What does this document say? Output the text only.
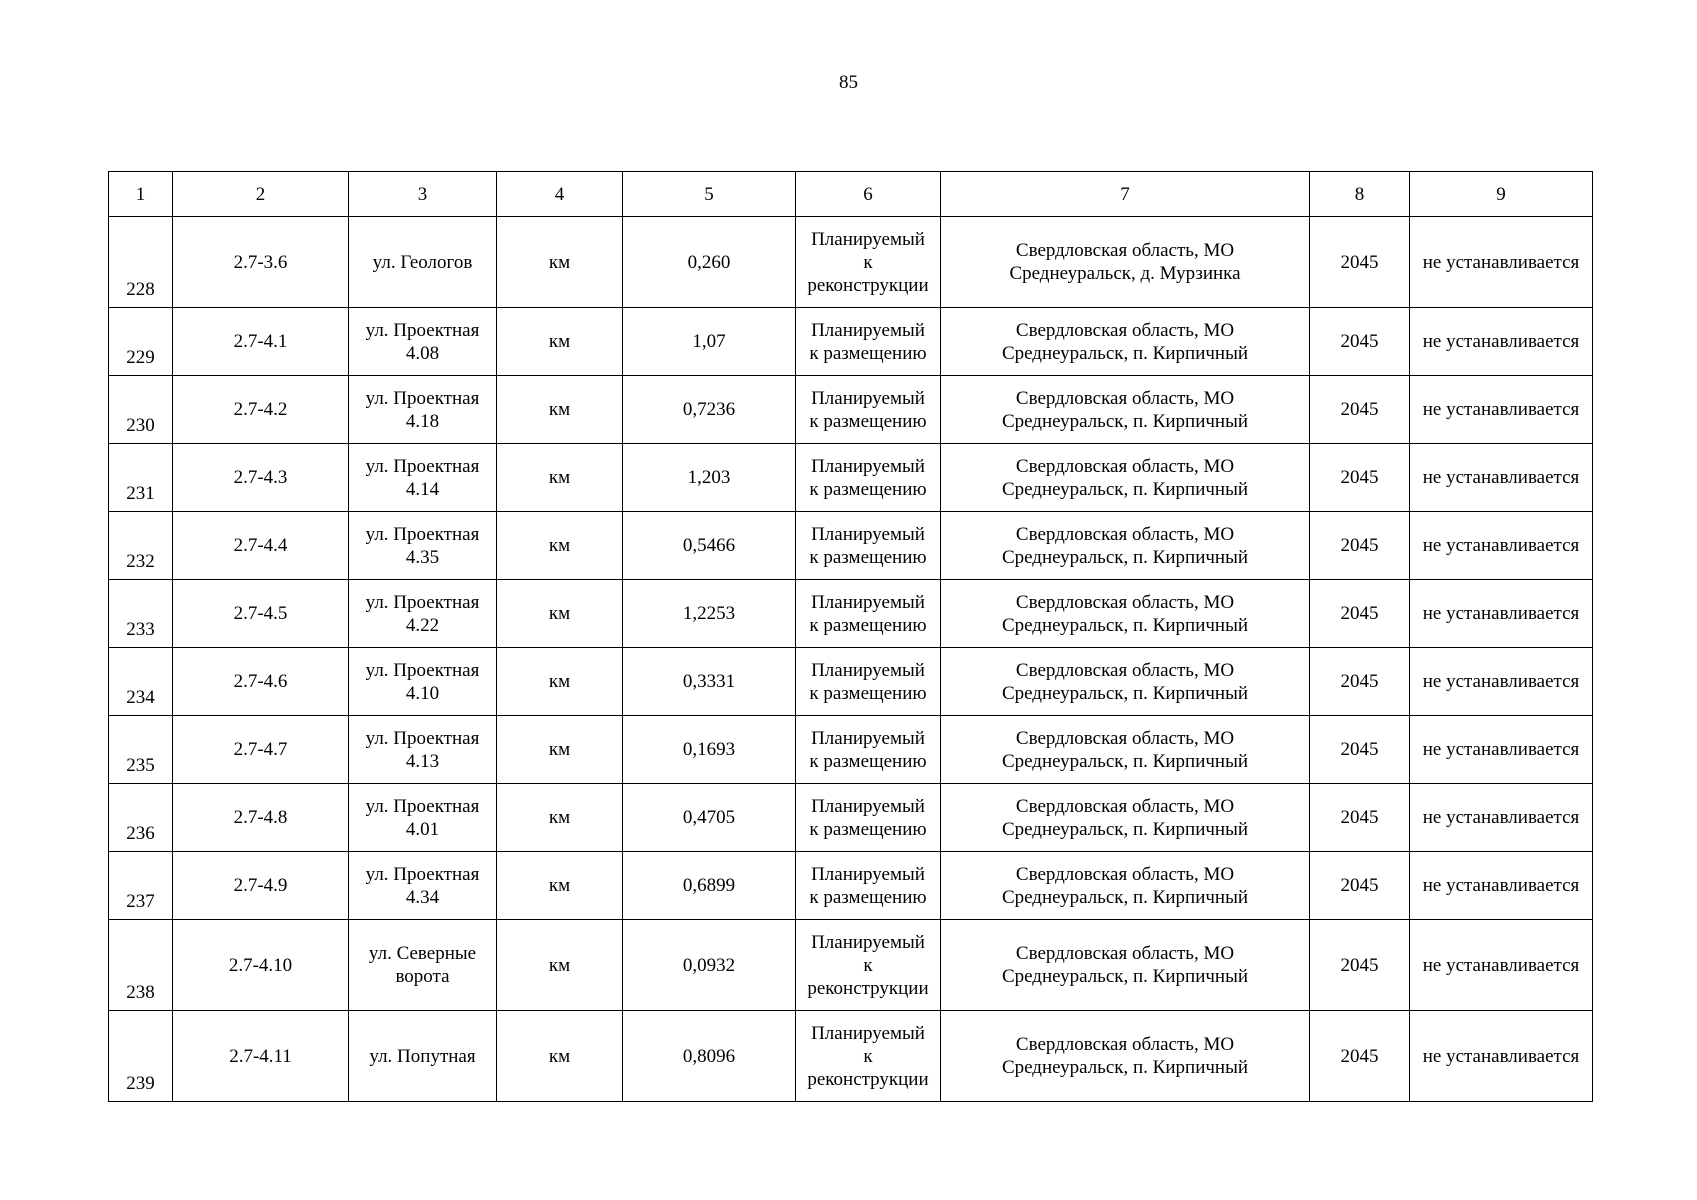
85
1	2	3	4	5	6	7	8	9
228	2.7-3.6	ул. Геологов	км	0,260	Планируемый
к
реконструкции	Свердловская область, МО
Среднеуральск, д. Мурзинка	2045	не устанавливается
229	2.7-4.1	ул. Проектная
4.08	км	1,07	Планируемый
к размещению	Свердловская область, МО
Среднеуральск, п. Кирпичный	2045	не устанавливается
230	2.7-4.2	ул. Проектная
4.18	км	0,7236	Планируемый
к размещению	Свердловская область, МО
Среднеуральск, п. Кирпичный	2045	не устанавливается
231	2.7-4.3	ул. Проектная
4.14	км	1,203	Планируемый
к размещению	Свердловская область, МО
Среднеуральск, п. Кирпичный	2045	не устанавливается
232	2.7-4.4	ул. Проектная
4.35	км	0,5466	Планируемый
к размещению	Свердловская область, МО
Среднеуральск, п. Кирпичный	2045	не устанавливается
233	2.7-4.5	ул. Проектная
4.22	км	1,2253	Планируемый
к размещению	Свердловская область, МО
Среднеуральск, п. Кирпичный	2045	не устанавливается
234	2.7-4.6	ул. Проектная
4.10	км	0,3331	Планируемый
к размещению	Свердловская область, МО
Среднеуральск, п. Кирпичный	2045	не устанавливается
235	2.7-4.7	ул. Проектная
4.13	км	0,1693	Планируемый
к размещению	Свердловская область, МО
Среднеуральск, п. Кирпичный	2045	не устанавливается
236	2.7-4.8	ул. Проектная
4.01	км	0,4705	Планируемый
к размещению	Свердловская область, МО
Среднеуральск, п. Кирпичный	2045	не устанавливается
237	2.7-4.9	ул. Проектная
4.34	км	0,6899	Планируемый
к размещению	Свердловская область, МО
Среднеуральск, п. Кирпичный	2045	не устанавливается
238	2.7-4.10	ул. Северные
ворота	км	0,0932	Планируемый
к
реконструкции	Свердловская область, МО
Среднеуральск, п. Кирпичный	2045	не устанавливается
239	2.7-4.11	ул. Попутная	км	0,8096	Планируемый
к
реконструкции	Свердловская область, МО
Среднеуральск, п. Кирпичный	2045	не устанавливается
